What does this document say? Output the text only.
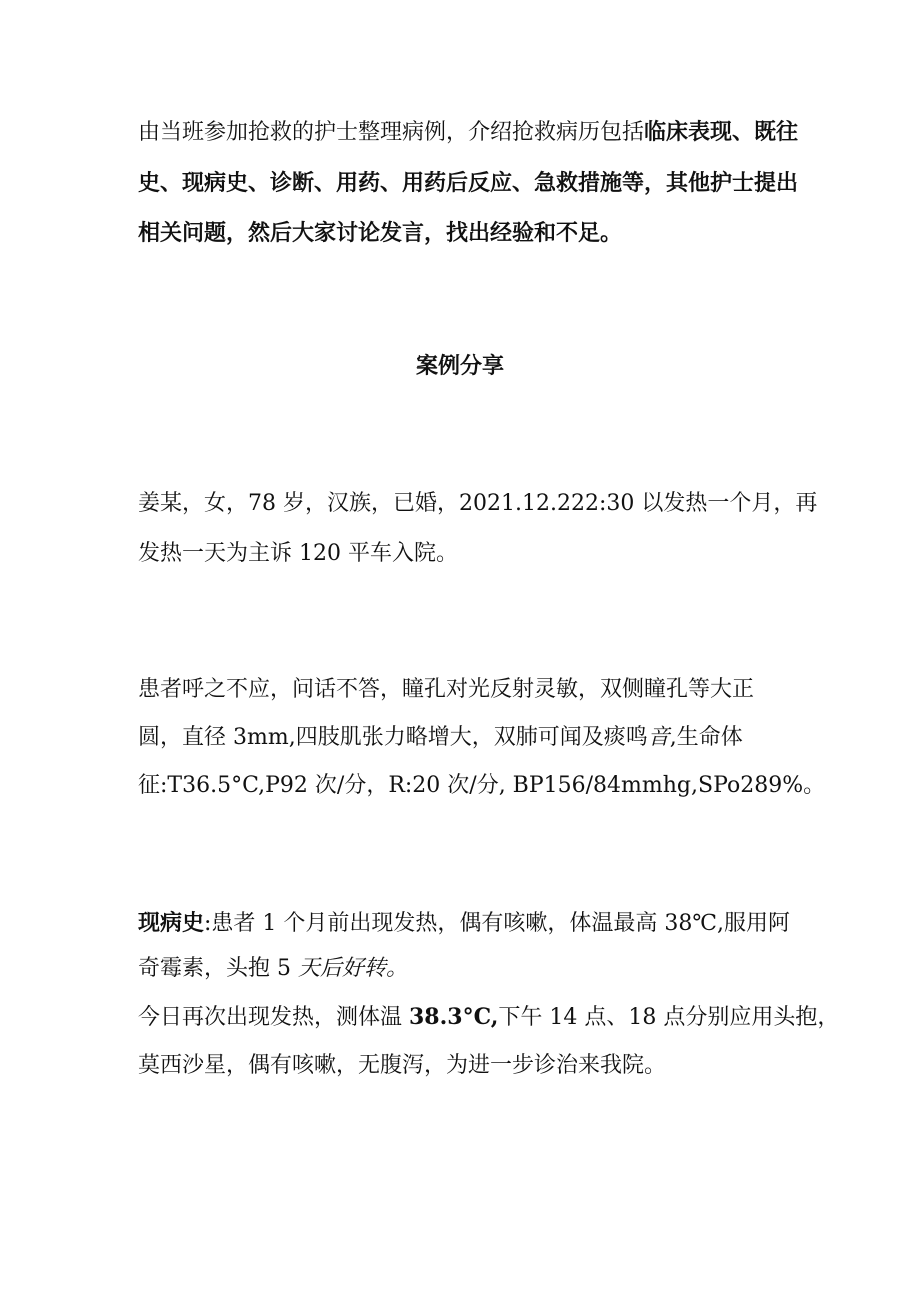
由当班参加抢救的护士整理病例，介绍抢救病历包括临床表现、既往
史、现病史、诊断、用药、用药后反应、急救措施等，其他护士提出
相关问题，然后大家讨论发言，找出经验和不足。
案例分享
姜某，女，78 岁，汉族，已婚，2021.12.222:30 以发热一个月，再
发热一天为主诉 120 平车入院。
患者呼之不应，问话不答，瞳孔对光反射灵敏，双侧瞳孔等大正
圆，直径 3mm,四肢肌张力略增大，双肺可闻及痰鸣音,生命体
征:T36.5°C,P92 次/分，R:20 次/分, BP156/84mmhg,SPo289%。
现病史:患者 1 个月前出现发热，偶有咳嗽，体温最高 38℃,服用阿
奇霉素，头抱 5 天后好转。
今日再次出现发热，测体温 38.3°C,下午 14 点、18 点分别应用头抱，
莫西沙星，偶有咳嗽，无腹泻，为进一步诊治来我院。
